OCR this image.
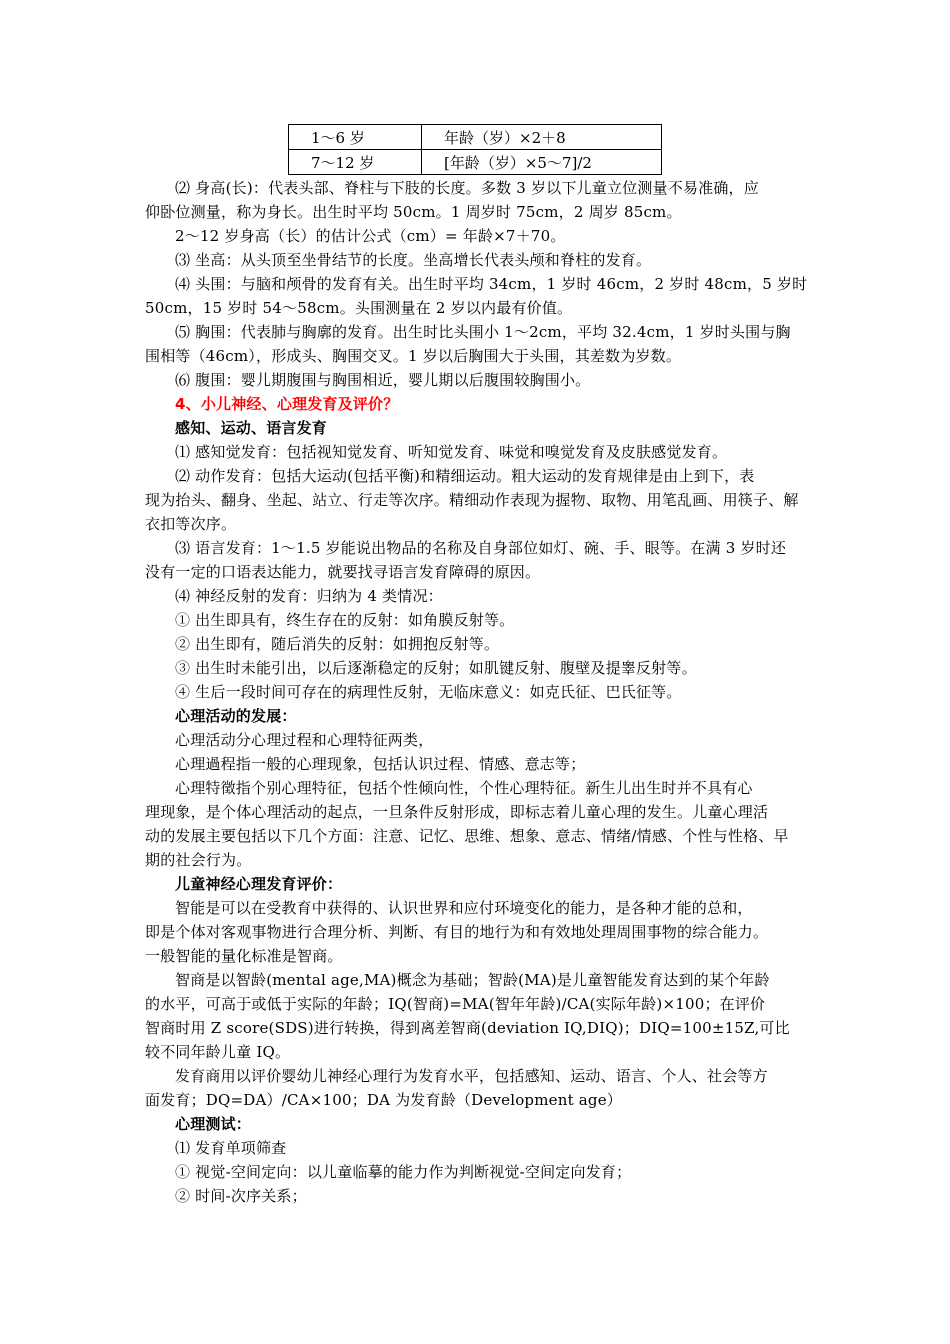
1～6 岁	年龄（岁）×2＋8
7～12 岁	[年龄（岁）×5～7]/2
⑵ 身高(长)：代表头部、脊柱与下肢的长度。多数 3 岁以下儿童立位测量不易准确，应
仰卧位测量，称为身长。出生时平均 50cm。1 周岁时 75cm，2 周岁 85cm。
2～12 岁身高（长）的估计公式（cm）= 年龄×7＋70。
⑶ 坐高：从头顶至坐骨结节的长度。坐高增长代表头颅和脊柱的发育。
⑷ 头围：与脑和颅骨的发育有关。出生时平均 34cm，1 岁时 46cm，2 岁时 48cm，5 岁时
50cm，15 岁时 54～58cm。头围测量在 2 岁以内最有价值。
⑸ 胸围：代表肺与胸廓的发育。出生时比头围小 1～2cm，平均 32.4cm，1 岁时头围与胸
围相等（46cm），形成头、胸围交叉。1 岁以后胸围大于头围，其差数为岁数。
⑹ 腹围：婴儿期腹围与胸围相近，婴儿期以后腹围较胸围小。
4、小儿神经、心理发育及评价？
感知、运动、语言发育
⑴ 感知觉发育：包括视知觉发育、听知觉发育、味觉和嗅觉发育及皮肤感觉发育。
⑵ 动作发育：包括大运动(包括平衡)和精细运动。粗大运动的发育规律是由上到下，表
现为抬头、翻身、坐起、站立、行走等次序。精细动作表现为握物、取物、用笔乱画、用筷子、解
衣扣等次序。
⑶ 语言发育：1～1.5 岁能说出物品的名称及自身部位如灯、碗、手、眼等。在满 3 岁时还
没有一定的口语表达能力，就要找寻语言发育障碍的原因。
⑷ 神经反射的发育：归纳为 4 类情况：
① 出生即具有，终生存在的反射：如角膜反射等。
② 出生即有，随后消失的反射：如拥抱反射等。
③ 出生时未能引出，以后逐渐稳定的反射；如肌键反射、腹壁及提睾反射等。
④ 生后一段时间可存在的病理性反射，无临床意义：如克氏征、巴氏征等。
心理活动的发展：
心理活动分心理过程和心理特征两类，
心理過程指一般的心理现象，包括认识过程、情感、意志等；
心理特徵指个别心理特征，包括个性倾向性，个性心理特征。新生儿出生时并不具有心
理现象，是个体心理活动的起点，一旦条件反射形成，即标志着儿童心理的发生。儿童心理活
动的发展主要包括以下几个方面：注意、记忆、思维、想象、意志、情绪/情感、个性与性格、早
期的社会行为。
儿童神经心理发育评价：
智能是可以在受教育中获得的、认识世界和应付环境变化的能力，是各种才能的总和，
即是个体对客观事物进行合理分析、判断、有目的地行为和有效地处理周围事物的综合能力。
一般智能的量化标准是智商。
智商是以智龄(mental age,MA)概念为基础；智龄(MA)是儿童智能发育达到的某个年龄
的水平，可高于或低于实际的年龄；IQ(智商)=MA(智年年龄)/CA(实际年龄)×100；在评价
智商时用 Z score(SDS)进行转换，得到离差智商(deviation IQ,DIQ)；DIQ=100±15Z,可比
较不同年龄儿童 IQ。
发育商用以评价婴幼儿神经心理行为发育水平，包括感知、运动、语言、个人、社会等方
面发育；DQ=DA）/CA×100；DA 为发育龄（Development age）
心理测试：
⑴ 发育单项筛查
① 视觉-空间定向：以儿童临摹的能力作为判断视觉-空间定向发育；
② 时间-次序关系；
